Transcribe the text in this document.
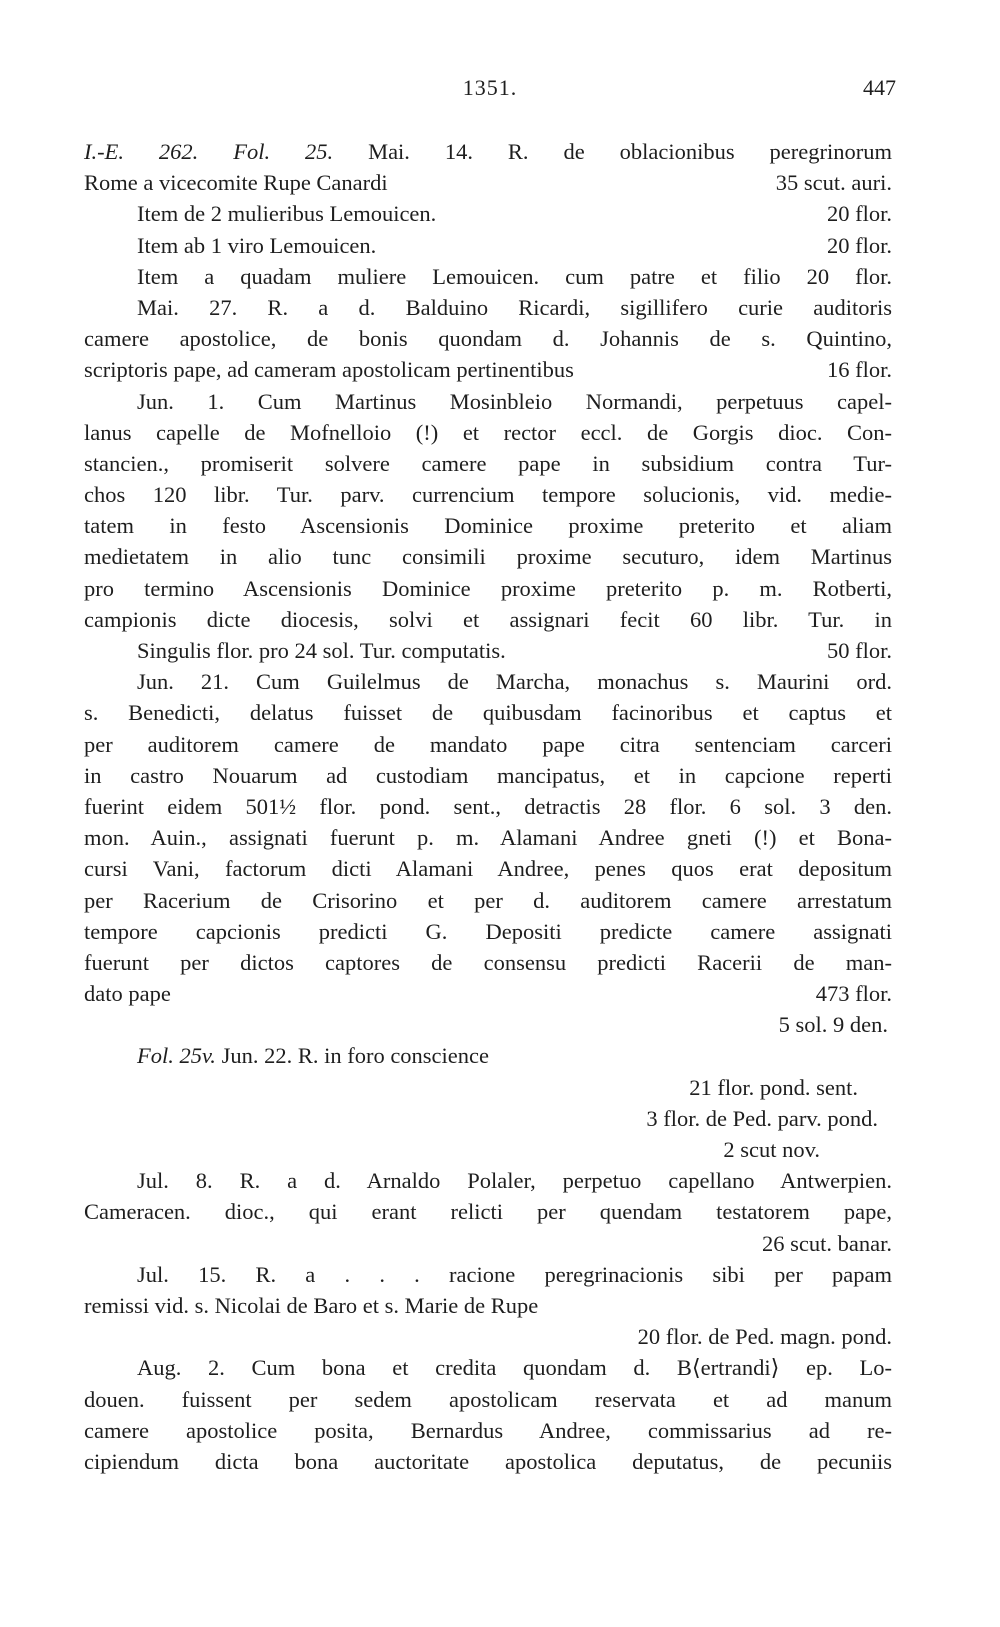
1351.	447
I.-E. 262. Fol. 25. Mai. 14. R. de oblacionibus peregrinorum
Rome a vicecomite Rupe Canardi	35 scut. auri.
Item de 2 mulieribus Lemouicen.	20 flor.
Item ab 1 viro Lemouicen.	20 flor.
Item a quadam muliere Lemouicen. cum patre et filio 20 flor.
Mai. 27. R. a d. Balduino Ricardi, sigillifero curie auditoris
camere apostolice, de bonis quondam d. Johannis de s. Quintino,
scriptoris pape, ad cameram apostolicam pertinentibus	16 flor.
Jun. 1. Cum Martinus Mosinbleio Normandi, perpetuus capel-
lanus capelle de Mofnelloio (!) et rector eccl. de Gorgis dioc. Con-
stancien., promiserit solvere camere pape in subsidium contra Tur-
chos 120 libr. Tur. parv. currencium tempore solucionis, vid. medie-
tatem in festo Ascensionis Dominice proxime preterito et aliam
medietatem in alio tunc consimili proxime secuturo, idem Martinus
pro termino Ascensionis Dominice proxime preterito p. m. Rotberti,
campionis dicte diocesis, solvi et assignari fecit 60 libr. Tur. in
Singulis flor. pro 24 sol. Tur. computatis.	50 flor.
Jun. 21. Cum Guilelmus de Marcha, monachus s. Maurini ord.
s. Benedicti, delatus fuisset de quibusdam facinoribus et captus et
per auditorem camere de mandato pape citra sentenciam carceri
in castro Nouarum ad custodiam mancipatus, et in capcione reperti
fuerint eidem 501½ flor. pond. sent., detractis 28 flor. 6 sol. 3 den.
mon. Auin., assignati fuerunt p. m. Alamani Andree gneti (!) et Bona-
cursi Vani, factorum dicti Alamani Andree, penes quos erat depositum
per Racerium de Crisorino et per d. auditorem camere arrestatum
tempore capcionis predicti G. Depositi predicte camere assignati
fuerunt per dictos captores de consensu predicti Racerii de man-
dato pape	473 flor.
5 sol. 9 den.
Fol. 25v. Jun. 22. R. in foro conscience
21 flor. pond. sent.
3 flor. de Ped. parv. pond.
2 scut nov.
Jul. 8. R. a d. Arnaldo Polaler, perpetuo capellano Antwerpien.
Cameracen. dioc., qui erant relicti per quendam testatorem pape,
26 scut. banar.
Jul. 15. R. a . . . racione peregrinacionis sibi per papam
remissi vid. s. Nicolai de Baro et s. Marie de Rupe
20 flor. de Ped. magn. pond.
Aug. 2. Cum bona et credita quondam d. B⟨ertrandi⟩ ep. Lo-
douen. fuissent per sedem apostolicam reservata et ad manum
camere apostolice posita, Bernardus Andree, commissarius ad re-
cipiendum dicta bona auctoritate apostolica deputatus, de pecuniis
